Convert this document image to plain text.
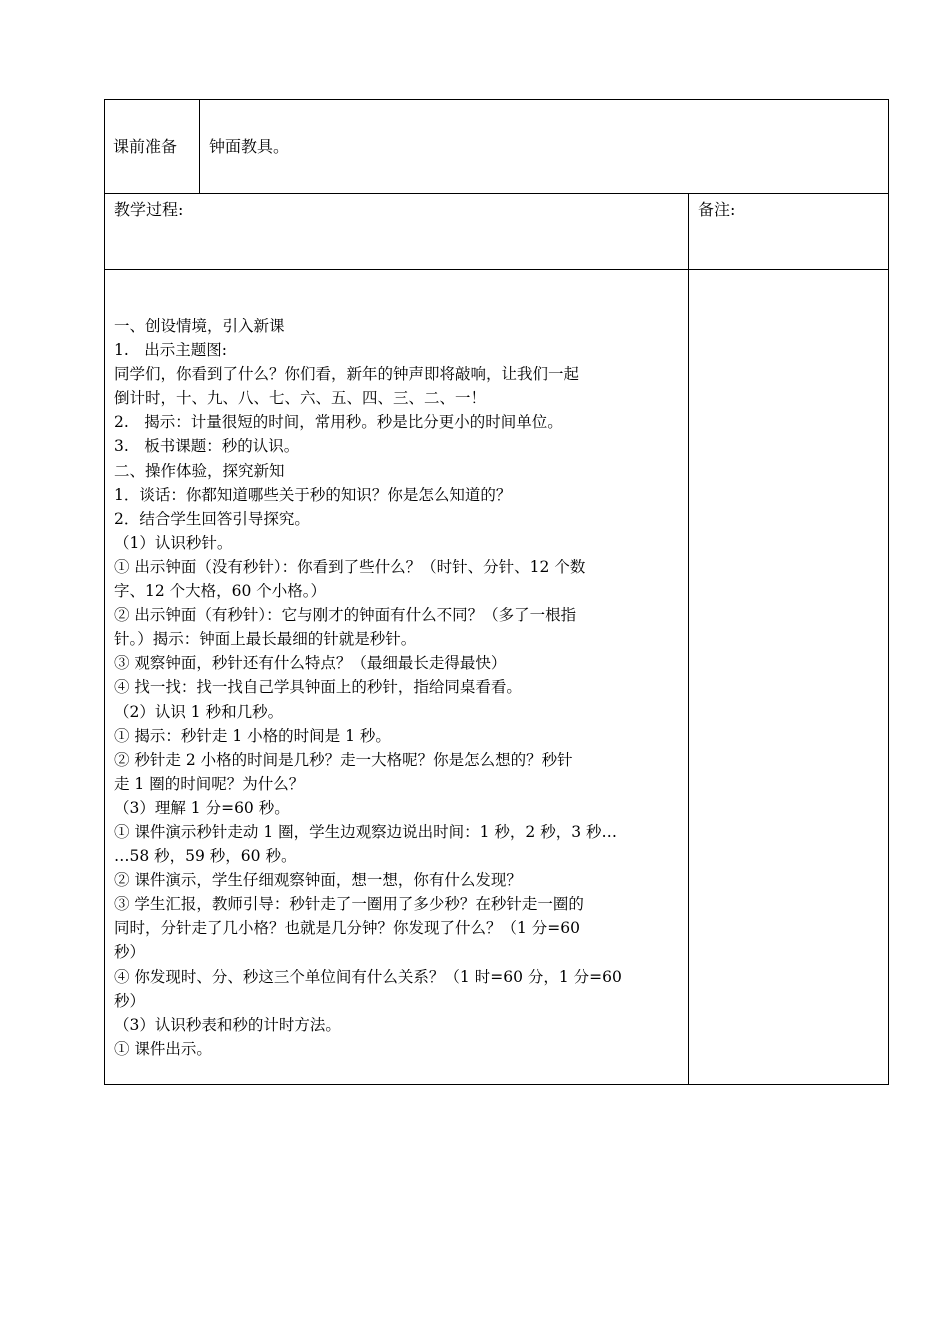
课前准备 钟面教具。
教学过程:	备注:
一、创设情境，引入新课
1.　出示主题图:
同学们，你看到了什么？你们看，新年的钟声即将敲响，让我们一起
倒计时，十、九、八、七、六、五、四、三、二、一！
2.　揭示：计量很短的时间，常用秒。秒是比分更小的时间单位。
3.　板书课题：秒的认识。
二、操作体验，探究新知
1．谈话：你都知道哪些关于秒的知识？你是怎么知道的？
2．结合学生回答引导探究。
（1）认识秒针。
① 出示钟面（没有秒针）：你看到了些什么？（时针、分针、12 个数
字、12 个大格，60 个小格。）
② 出示钟面（有秒针）：它与刚才的钟面有什么不同？（多了一根指
针。）揭示：钟面上最长最细的针就是秒针。
③ 观察钟面，秒针还有什么特点？（最细最长走得最快）
④ 找一找：找一找自己学具钟面上的秒针，指给同桌看看。
（2）认识 1 秒和几秒。
① 揭示：秒针走 1 小格的时间是 1 秒。
② 秒针走 2 小格的时间是几秒？走一大格呢？你是怎么想的？秒针
走 1 圈的时间呢？为什么？
（3）理解 1 分=60 秒。
① 课件演示秒针走动 1 圈，学生边观察边说出时间：1 秒，2 秒，3 秒…
…58 秒，59 秒，60 秒。
② 课件演示，学生仔细观察钟面，想一想，你有什么发现？
③ 学生汇报，教师引导：秒针走了一圈用了多少秒？在秒针走一圈的
同时，分针走了几小格？也就是几分钟？你发现了什么？（1 分=60
秒）
④ 你发现时、分、秒这三个单位间有什么关系？（1 时=60 分，1 分=60
秒）
（3）认识秒表和秒的计时方法。
① 课件出示。
